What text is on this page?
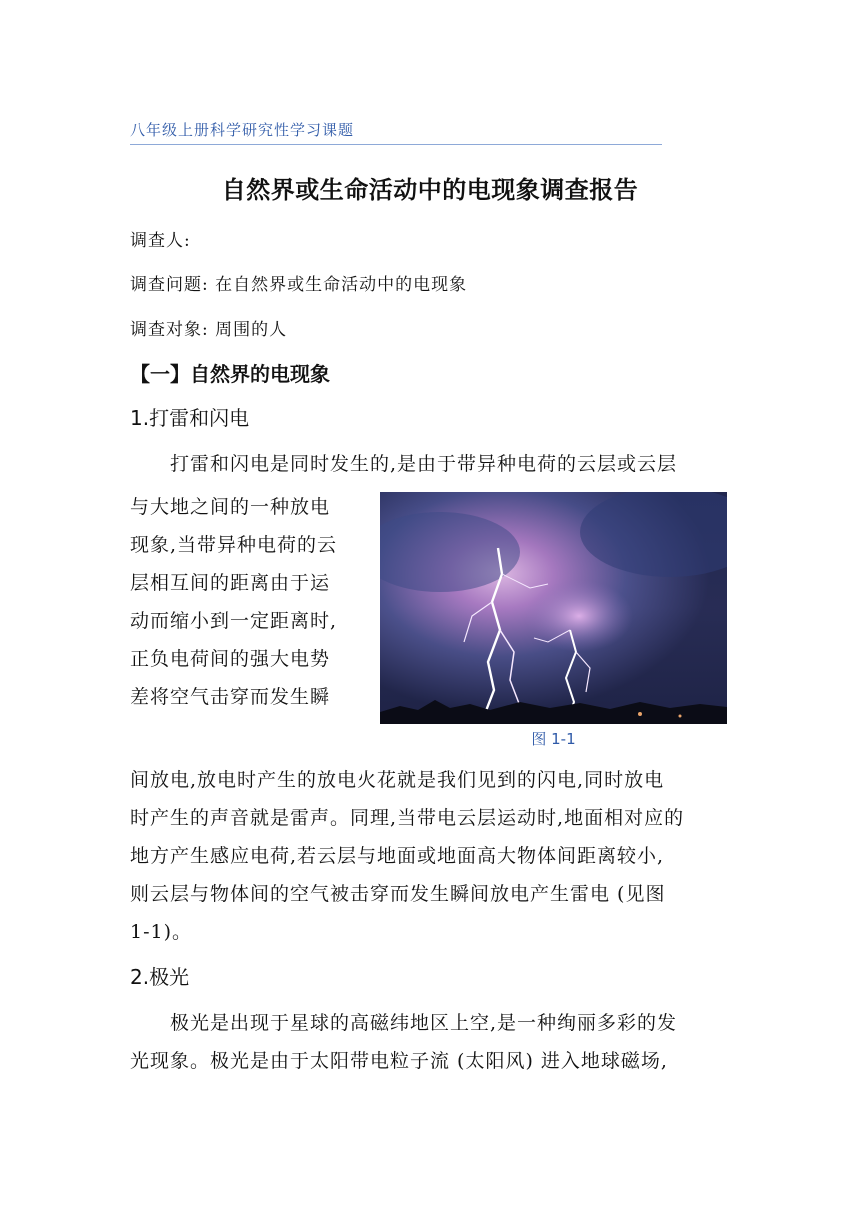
八年级上册科学研究性学习课题
自然界或生命活动中的电现象调查报告
调查人:
调查问题: 在自然界或生命活动中的电现象
调查对象: 周围的人
【一】自然界的电现象
1.打雷和闪电
打雷和闪电是同时发生的,是由于带异种电荷的云层或云层
与大地之间的一种放电
现象,当带异种电荷的云
层相互间的距离由于运
动而缩小到一定距离时,
正负电荷间的强大电势
差将空气击穿而发生瞬
图 1-1
间放电,放电时产生的放电火花就是我们见到的闪电,同时放电
时产生的声音就是雷声。同理,当带电云层运动时,地面相对应的
地方产生感应电荷,若云层与地面或地面高大物体间距离较小,
则云层与物体间的空气被击穿而发生瞬间放电产生雷电 (见图
1-1)。
2.极光
极光是出现于星球的高磁纬地区上空,是一种绚丽多彩的发
光现象。极光是由于太阳带电粒子流 (太阳风) 进入地球磁场,
